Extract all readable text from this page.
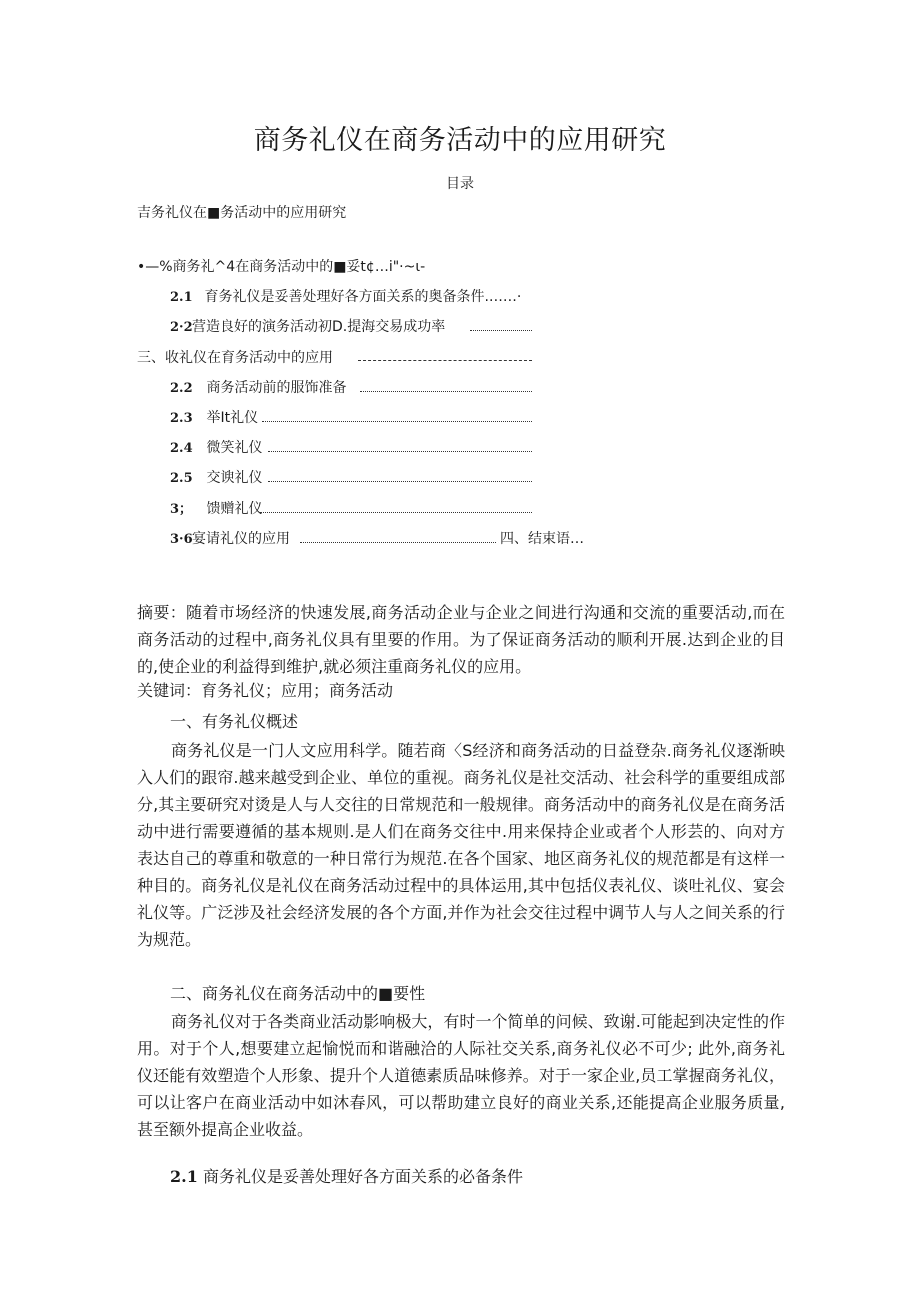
商务礼仪在商务活动中的应用研究
目录
吉务礼仪在■务活动中的应用研究
•—%商务礼^4在商务活动中的■妥t¢…i"·~ι-
2.1 育务礼仪是妥善处理好各方面关系的奥备条件.……·
2·2营造良好的演务活动初D.提海交易成功率
三、收礼仪在育务活动中的应用
2.2 商务活动前的服饰准备
2.3 举It礼仪
2.4 微笑礼仪
2.5 交谀礼仪
3； 馈赠礼仪
3·6宴请礼仪的应用	四、结束语…

摘要：随着市场经济的快速发展,商务活动企业与企业之间进行沟通和交流的重要活动,而在商务活动的过程中,商务礼仪具有里要的作用。为了保证商务活动的顺利开展.达到企业的目的,使企业的利益得到维护,就必须注重商务礼仪的应用。

关键词：育务礼仪；应用；商务活动
一、有务礼仪概述

商务礼仪是一门人文应用科学。随若商〈S经济和商务活动的日益登杂.商务礼仪逐渐映入人们的跟帘.越来越受到企业、单位的重视。商务礼仪是社交活动、社会科学的重要组成部分,其主要研究对烫是人与人交往的日常规范和一般规律。商务活动中的商务礼仪是在商务活动中进行需要遵循的基本规则.是人们在商务交往中.用来保持企业或者个人形芸的、向对方表达自己的尊重和敬意的一种日常行为规范.在各个国家、地区商务礼仪的规范都是有这样一种目的。商务礼仪是礼仪在商务活动过程中的具体运用,其中包括仪表礼仪、谈吐礼仪、宴会礼仪等。广泛涉及社会经济发展的各个方面,并作为社会交往过程中调节人与人之间关系的行为规范。

二、商务礼仪在商务活动中的■要性

商务礼仪对于各类商业活动影响极大，有时一个简单的问候、致谢.可能起到决定性的作用。对于个人,想要建立起愉悦而和谐融洽的人际社交关系,商务礼仪必不可少; 此外,商务礼仪还能有效塑造个人形象、提升个人道德素质品味修养。对于一家企业,员工掌握商务礼仪，可以让客户在商业活动中如沐春风，可以帮助建立良好的商业关系,还能提高企业服务质量,甚至额外提高企业收益。

2.1 商务礼仪是妥善处理好各方面关系的必备条件
